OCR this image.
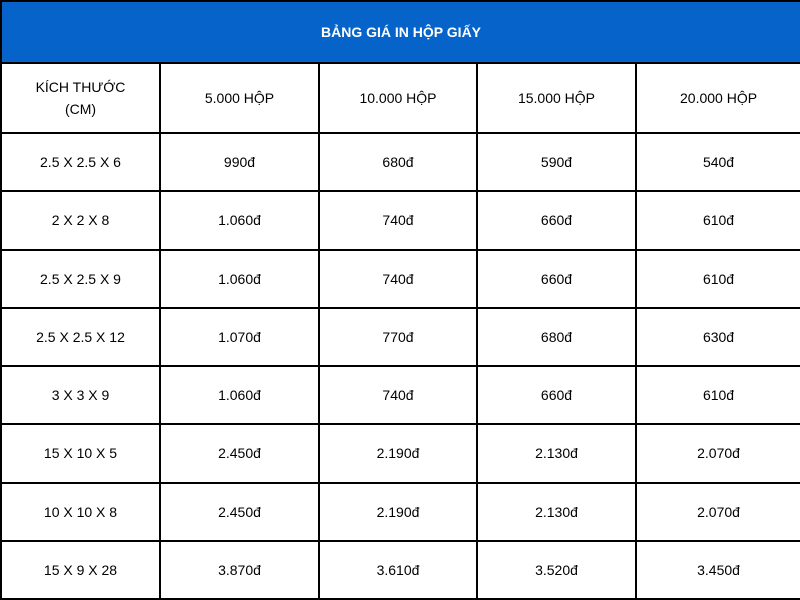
BẢNG GIÁ IN HỘP GIẤY				
KÍCH THƯỚC
(CM)	5.000 HỘP	10.000 HỘP	15.000 HỘP	20.000 HỘP
2.5 X 2.5 X 6	990đ	680đ	590đ	540đ
2 X 2 X 8	1.060đ	740đ	660đ	610đ
2.5 X 2.5 X 9	1.060đ	740đ	660đ	610đ
2.5 X 2.5 X 12	1.070đ	770đ	680đ	630đ
3 X 3 X 9	1.060đ	740đ	660đ	610đ
15 X 10 X 5	2.450đ	2.190đ	2.130đ	2.070đ
10 X 10 X 8	2.450đ	2.190đ	2.130đ	2.070đ
15 X 9 X 28	3.870đ	3.610đ	3.520đ	3.450đ
